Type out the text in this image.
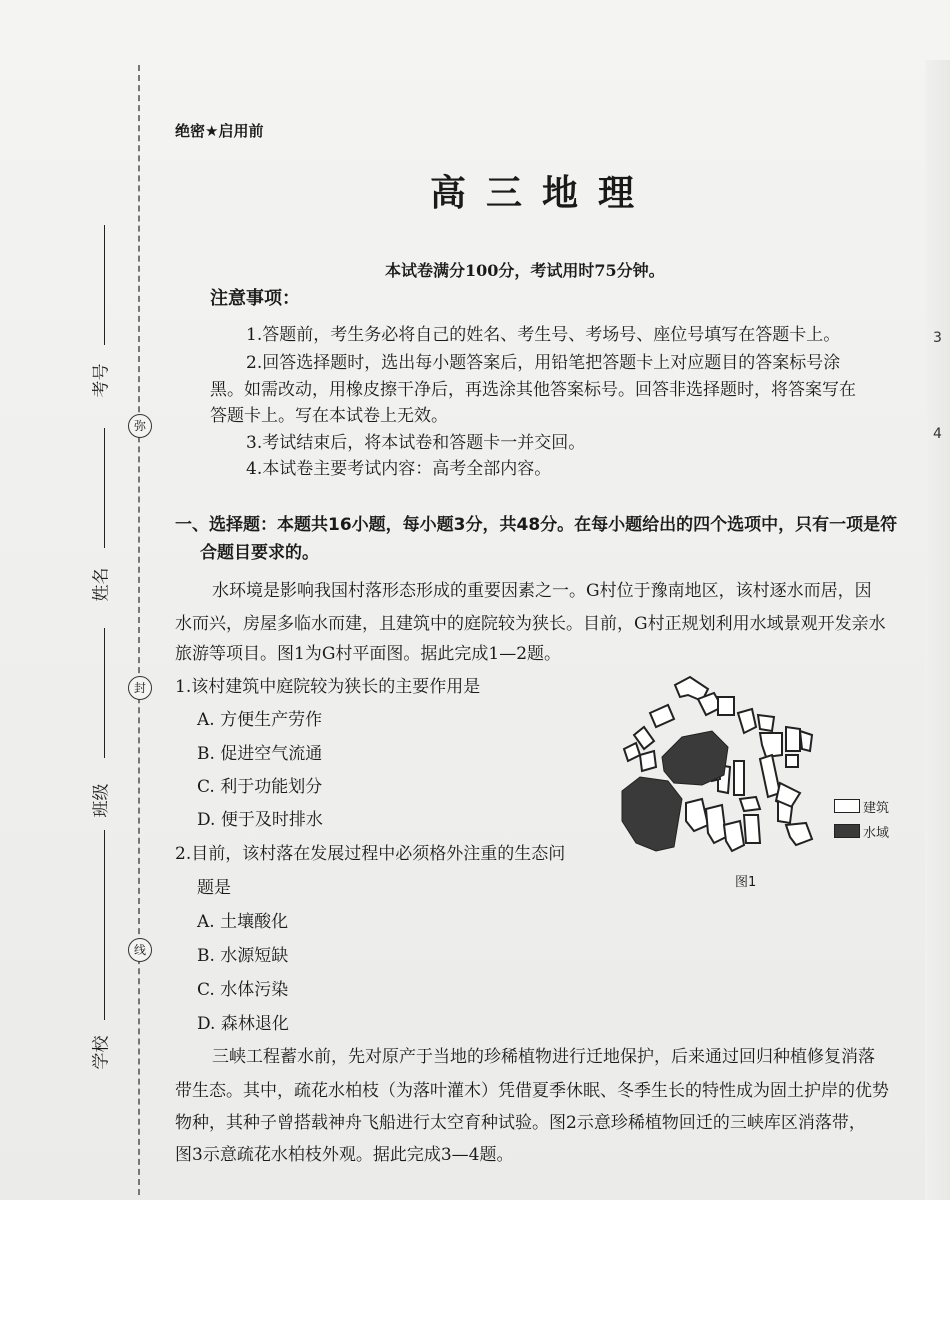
3
4
弥
封
线
考号
姓名
班级
学校
绝密★启用前
高三地理
本试卷满分100分，考试用时75分钟。
注意事项：
1.答题前，考生务必将自己的姓名、考生号、考场号、座位号填写在答题卡上。
2.回答选择题时，选出每小题答案后，用铅笔把答题卡上对应题目的答案标号涂
黑。如需改动，用橡皮擦干净后，再选涂其他答案标号。回答非选择题时，将答案写在
答题卡上。写在本试卷上无效。
3.考试结束后，将本试卷和答题卡一并交回。
4.本试卷主要考试内容：高考全部内容。
一、选择题：本题共16小题，每小题3分，共48分。在每小题给出的四个选项中，只有一项是符
合题目要求的。
水环境是影响我国村落形态形成的重要因素之一。G村位于豫南地区，该村逐水而居，因
水而兴，房屋多临水而建，且建筑中的庭院较为狭长。目前，G村正规划利用水域景观开发亲水
旅游等项目。图1为G村平面图。据此完成1—2题。
1.该村建筑中庭院较为狭长的主要作用是
A. 方便生产劳作
B. 促进空气流通
C. 利于功能划分
D. 便于及时排水
2.目前，该村落在发展过程中必须格外注重的生态问
题是
A. 土壤酸化
B. 水源短缺
C. 水体污染
D. 森林退化
三峡工程蓄水前，先对原产于当地的珍稀植物进行迁地保护，后来通过回归种植修复消落
带生态。其中，疏花水柏枝（为落叶灌木）凭借夏季休眠、冬季生长的特性成为固土护岸的优势
物种，其种子曾搭载神舟飞船进行太空育种试验。图2示意珍稀植物回迁的三峡库区消落带，
图3示意疏花水柏枝外观。据此完成3—4题。
建筑
水域
图1
